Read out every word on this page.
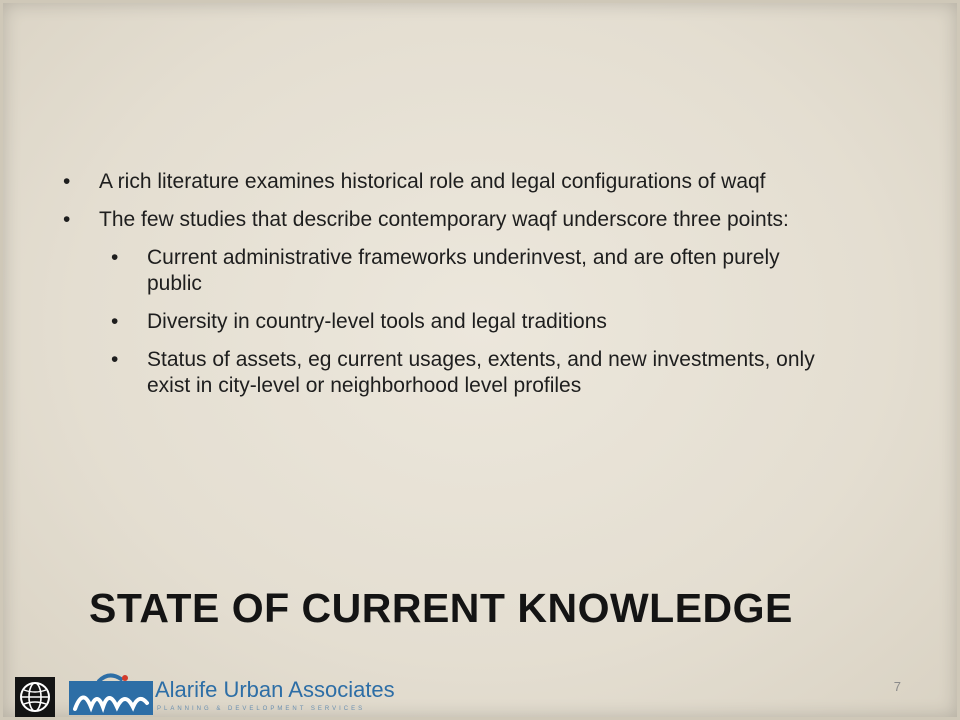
• A rich literature examines historical role and legal configurations of waqf
• The few studies that describe contemporary waqf underscore three points:
• Current administrative frameworks underinvest, and are often purely public
• Diversity in country-level tools and legal traditions
• Status of assets, eg current usages, extents, and new investments, only exist in city-level or neighborhood level profiles
STATE OF CURRENT KNOWLEDGE
7
Alarife Urban Associates
PLANNING & DEVELOPMENT SERVICES
